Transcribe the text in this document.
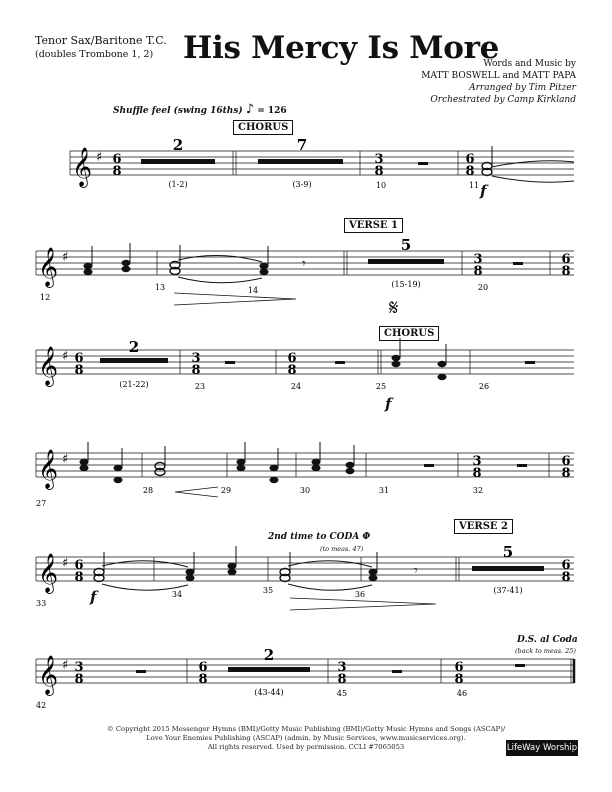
Tenor Sax/Baritone T.C.
(doubles Trombone 1, 2) His Mercy Is More
Words and Music by
MATT BOSWELL and MATT PAPA
Arranged by Tim Pitzer
Orchestrated by Camp Kirkland
Shuffle feel (swing 16ths) ♪ = 126
CHORUS
VERSE 1
𝄋
CHORUS
VERSE 2
2nd time to CODA Φ
(to meas. 47)
D.S. al Coda
(back to meas. 25)
f
f
f
𝄞 ♯ 6
8
3
8
6
8
2	7
(1-2)	(3-9)	10	11
𝄞 ♯	𝄾
5
(15-19)
3
8
6
8
12
13	14	20
𝄞 ♯ 6
8
3
8
6
8
2
(21-22)	23	24	25	26
𝄞 ♯	3
8
6
8
27
28	29	30	31	32
𝄞 ♯ 6
8
6
8
𝄾
5
(37-41)
33
34	35	36
𝄞 ♯ 3
8
6
8
3
8
6
8
2
(43-44)
42
45	46
© Copyright 2015 Messenger Hymns (BMI)/Getty Music Publishing (BMI)/Getty Music Hymns and Songs (ASCAP)/
Love Your Enemies Publishing (ASCAP) (admin. by Music Services, www.musicservices.org).
All rights reserved. Used by permission. CCLI #7065053	LifeWay Worship
